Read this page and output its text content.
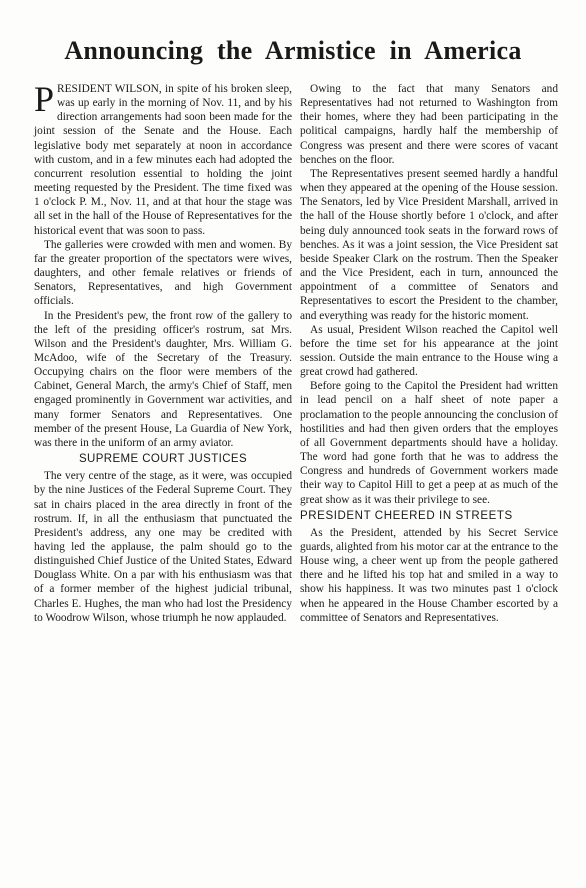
Announcing the Armistice in America

PRESIDENT WILSON, in spite of his broken sleep, was up early in the morning of Nov. 11, and by his direction arrangements had soon been made for the joint session of the Senate and the House. Each legislative body met separately at noon in accordance with custom, and in a few minutes each had adopted the concurrent resolution essential to holding the joint meeting requested by the President. The time fixed was 1 o'clock P. M., Nov. 11, and at that hour the stage was all set in the hall of the House of Representatives for the historical event that was soon to pass.

The galleries were crowded with men and women. By far the greater proportion of the spectators were wives, daughters, and other female relatives or friends of Senators, Representatives, and high Government officials.

In the President's pew, the front row of the gallery to the left of the presiding officer's rostrum, sat Mrs. Wilson and the President's daughter, Mrs. William G. McAdoo, wife of the Secretary of the Treasury. Occupying chairs on the floor were members of the Cabinet, General March, the army's Chief of Staff, men engaged prominently in Government war activities, and many former Senators and Representatives. One member of the present House, La Guardia of New York, was there in the uniform of an army aviator.

SUPREME COURT JUSTICES

The very centre of the stage, as it were, was occupied by the nine Justices of the Federal Supreme Court. They sat in chairs placed in the area directly in front of the rostrum. If, in all the enthusiasm that punctuated the President's address, any one may be credited with having led the applause, the palm should go to the distinguished Chief Justice of the United States, Edward Douglass White. On a par with his enthusiasm was that of a former member of the highest judicial tribunal, Charles E. Hughes, the man who had lost the Presidency to Woodrow Wilson, whose triumph he now applauded.

Owing to the fact that many Senators and Representatives had not returned to Washington from their homes, where they had been participating in the political campaigns, hardly half the membership of Congress was present and there were scores of vacant benches on the floor.

The Representatives present seemed hardly a handful when they appeared at the opening of the House session. The Senators, led by Vice President Marshall, arrived in the hall of the House shortly before 1 o'clock, and after being duly announced took seats in the forward rows of benches. As it was a joint session, the Vice President sat beside Speaker Clark on the rostrum. Then the Speaker and the Vice President, each in turn, announced the appointment of a committee of Senators and Representatives to escort the President to the chamber, and everything was ready for the historic moment.

As usual, President Wilson reached the Capitol well before the time set for his appearance at the joint session. Outside the main entrance to the House wing a great crowd had gathered.

Before going to the Capitol the President had written in lead pencil on a half sheet of note paper a proclamation to the people announcing the conclusion of hostilities and had then given orders that the employes of all Government departments should have a holiday. The word had gone forth that he was to address the Congress and hundreds of Government workers made their way to Capitol Hill to get a peep at as much of the great show as it was their privilege to see.

PRESIDENT CHEERED IN STREETS

As the President, attended by his Secret Service guards, alighted from his motor car at the entrance to the House wing, a cheer went up from the people gathered there and he lifted his top hat and smiled in a way to show his happiness. It was two minutes past 1 o'clock when he appeared in the House Chamber escorted by a committee of Senators and Representatives.
